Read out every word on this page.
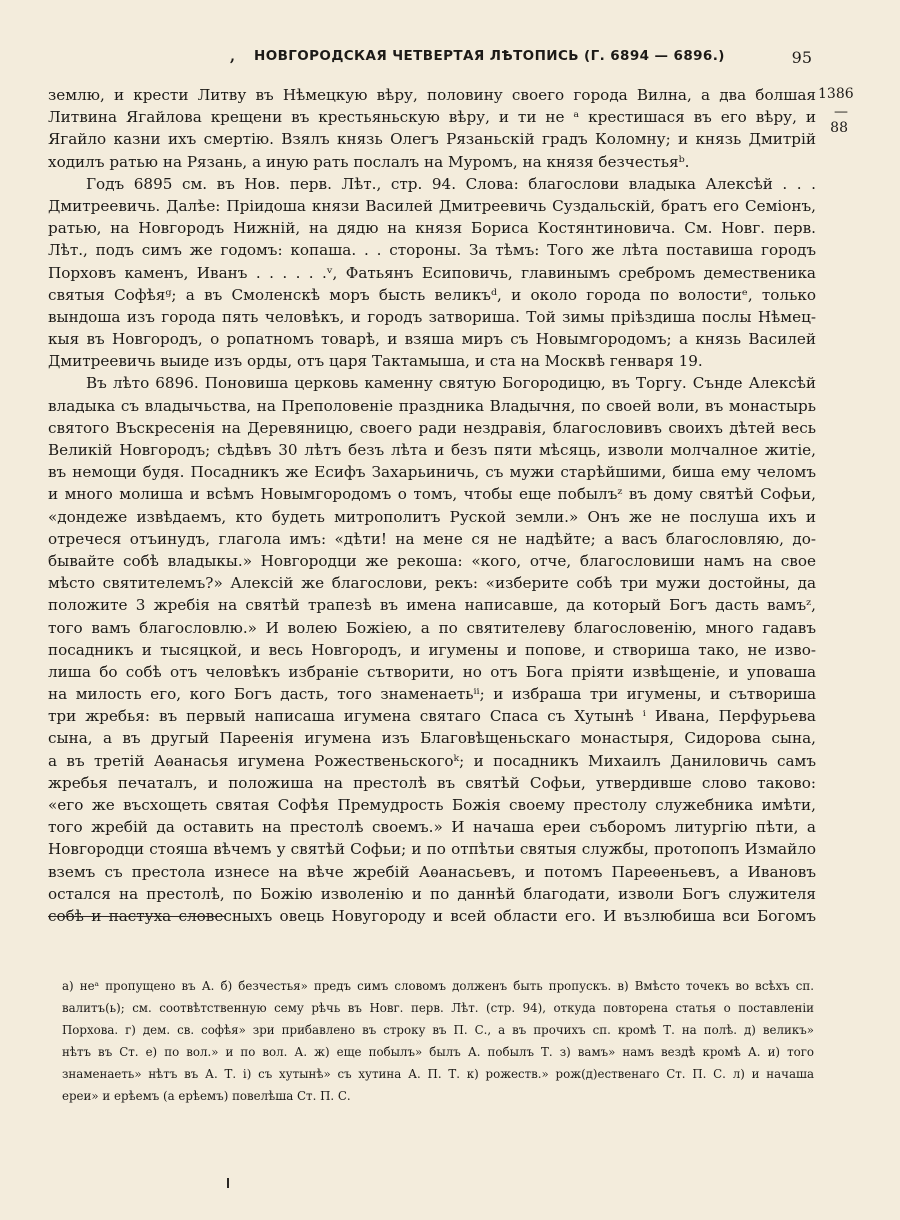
, НОВГОРОДСКАЯ ЧЕТВЕРТАЯ ЛѢТОПИСЬ (Г. 6894 — 6896.)	95
1386
—88
землю, и крести Литву въ Нѣмецкую вѣру, половину своего города Вилна, а два болшая
Литвина Ягайлова крещени въ крестьяньскую вѣру, и ти не ᵃ крестишася въ его вѣру, и
Ягайло казни ихъ смертію. Взялъ князь Олегъ Рязаньскій градъ Коломну; и князь Дмитрій
ходилъ ратью на Рязань, а иную рать послалъ на Муромъ, на князя безчестьяᵇ.
Годъ 6895 см. въ Нов. перв. Лѣт., стр. 94. Слова: благослови владыка Алексѣй . . .
Дмитреевичь. Далѣе: Пріидоша князи Василей Дмитреевичь Суздальскій, братъ его Семіонъ,
ратью, на Новгородъ Нижній, на дядю на князя Бориса Костянтиновича. См. Новг. перв.
Лѣт., подъ симъ же годомъ: копаша. . . стороны. За тѣмъ: Того же лѣта поставиша городъ
Порховъ каменъ, Иванъ . . . . . .ᵛ, Фатьянъ Есиповичь, главинымъ сребромъ демественика
святыя Софѣяᵍ; а въ Смоленскѣ моръ бысть великъᵈ, и около города по волостиᵉ, только
вындоша изъ города пять человѣкъ, и городъ затвориша. Той зимы пріѣздиша послы Нѣмец-
кыя въ Новгородъ, о ропатномъ товарѣ, и взяша миръ съ Новымгородомъ; а князь Василей
Дмитреевичь выиде изъ орды, отъ царя Тактамыша, и ста на Москвѣ генваря 19.
Въ лѣто 6896. Поновиша церковь каменну святую Богородицю, въ Торгу. Сънде Алексѣй
владыка съ владычьства, на Преполовеніе праздника Владычня, по своей воли, въ монастырь
святого Въскресенія на Деревяницю, своего ради нездравія, благословивъ своихъ дѣтей весь
Великій Новгородъ; сѣдѣвъ 30 лѣтъ безъ лѣта и безъ пяти мѣсяць, изволи молчалное житіе,
въ немощи будя. Посадникъ же Есифъ Захарьиничь, съ мужи старѣйшими, биша ему челомъ
и много молиша и всѣмъ Новымгородомъ о томъ, чтобы еще побылъᶻ въ дому святѣй Софьи,
«дондеже извѣдаемъ, кто будеть митрополитъ Руской земли.» Онъ же не послуша ихъ и
отречеся отъинудъ, глагола имъ: «дѣти! на мене ся не надѣйте; а васъ благословляю, до-
бывайте собѣ владыкы.» Новгородци же рекоша: «кого, отче, благословиши намъ на свое
мѣсто святителемъ?» Алексій же благослови, рекъ: «изберите собѣ три мужи достойны, да
положите 3 жребія на святѣй трапезѣ въ имена написавше, да который Богъ дасть вамъᶻ,
того вамъ благословлю.» И волею Божіею, а по святителеву благословенію, много гадавъ
посадникъ и тысяцкой, и весь Новгородъ, и игумены и попове, и створиша тако, не изво-
лиша бо собѣ отъ человѣкъ избраніе сътворити, но отъ Бога пріяти извѣщеніе, и уповаша
на милость его, кого Богъ дасть, того знаменаетьⁱⁱ; и избраша три игумены, и сътвориша
три жребья: въ первый написаша игумена святаго Спаса съ Хутынѣ ⁱ Ивана, Перфурьева
сына, а въ другый Пареенія игумена изъ Благовѣщеньскаго монастыря, Сидорова сына,
а въ третій Аѳанасья игумена Рожественьскогоᵏ; и посадникъ Михаилъ Даниловичь самъ
жребья печаталъ, и положиша на престолѣ въ святѣй Софьи, утвердивше слово таково:
«его же въсхощеть святая Софѣя Премудрость Божія своему престолу служебника имѣти,
того жребій да оставить на престолѣ своемъ.» И начаша ереи съборомъ литургію пѣти, а
Новгородци стояша вѣчемъ у святѣй Софьи; и по отпѣтьи святыя службы, протопопъ Измайло
вземъ съ престола изнесе на вѣче жребій Аѳанасьевъ, и потомъ Пареѳеньевъ, а Ивановъ
остался на престолѣ, по Божію изволенію и по даннѣй благодати, изволи Богъ служителя
собѣ и пастуха словесныхъ овець Новугороду и всей области его. И възлюбиша вси Богомъ
а) неᵃ пропущено въ А. б) безчестья» предъ симъ словомъ долженъ быть пропускъ. в) Вмѣсто точекъ во всѣхъ сп.
валитъ(ь); см. соотвѣтственную сему рѣчь въ Новг. перв. Лѣт. (стр. 94), откуда повторена статья о поставленіи
Порхова. г) дем. св. софѣя» зри прибавлено въ строку въ П. С., а въ прочихъ сп. кромѣ Т. на полѣ. д) великъ»
нѣтъ въ Ст. е) по вол.» и по вол. А. ж) еще побылъ» былъ А. побылъ Т. з) вамъ» намъ вездѣ кромѣ А. и) того
знаменаеть» нѣтъ въ А. Т. і) съ хутынѣ» съ хутина А. П. Т. к) рожеств.» рож(д)ественаго Ст. П. С. л) и начаша
ереи» и ерѣемъ (а ерѣемъ) повелѣша Ст. П. С.
